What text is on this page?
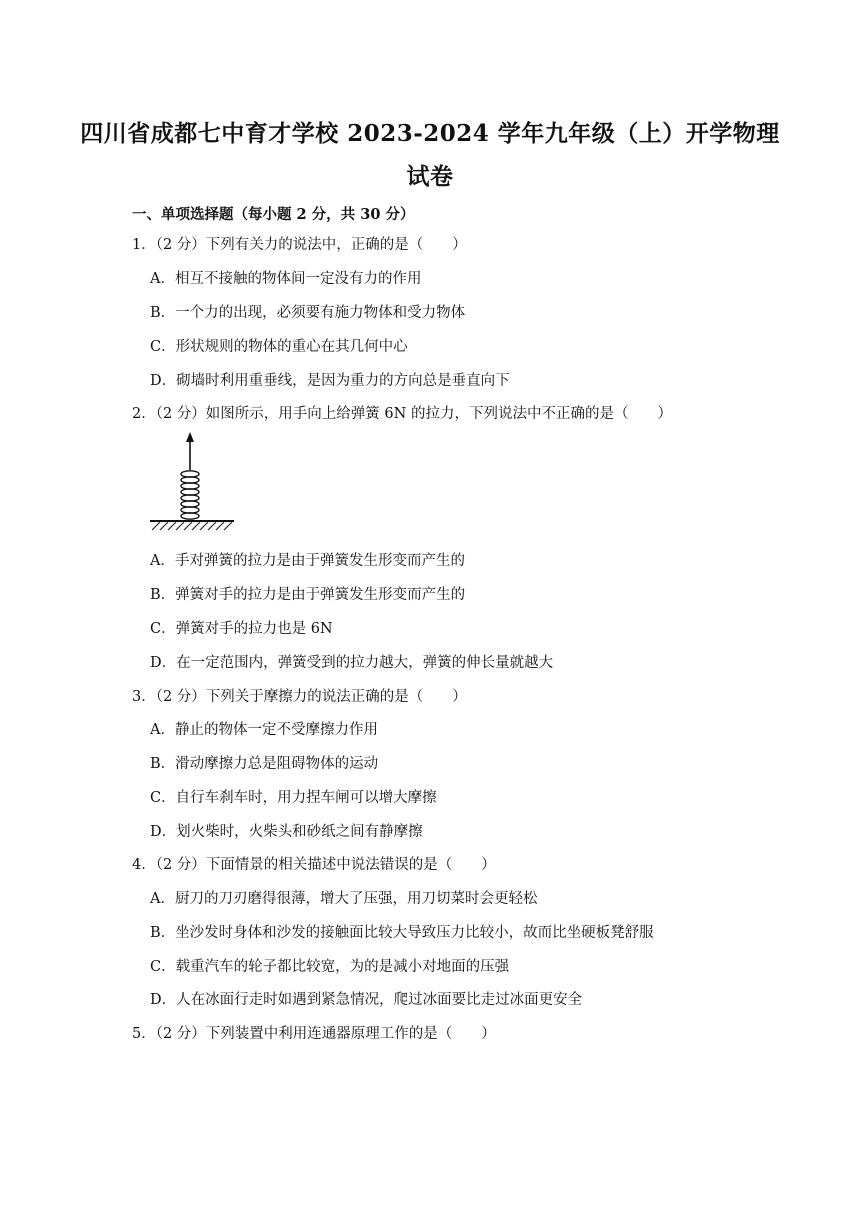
四川省成都七中育才学校 2023-2024 学年九年级（上）开学物理
试卷
一、单项选择题（每小题 2 分，共 30 分）
1．（2 分）下列有关力的说法中，正确的是（　　）
A．相互不接触的物体间一定没有力的作用
B．一个力的出现，必须要有施力物体和受力物体
C．形状规则的物体的重心在其几何中心
D．砌墙时利用重垂线，是因为重力的方向总是垂直向下
2．（2 分）如图所示，用手向上给弹簧 6N 的拉力，下列说法中不正确的是（　　）
A．手对弹簧的拉力是由于弹簧发生形变而产生的
B．弹簧对手的拉力是由于弹簧发生形变而产生的
C．弹簧对手的拉力也是 6N
D．在一定范围内，弹簧受到的拉力越大，弹簧的伸长量就越大
3．（2 分）下列关于摩擦力的说法正确的是（　　）
A．静止的物体一定不受摩擦力作用
B．滑动摩擦力总是阻碍物体的运动
C．自行车刹车时，用力捏车闸可以增大摩擦
D．划火柴时，火柴头和砂纸之间有静摩擦
4．（2 分）下面情景的相关描述中说法错误的是（　　）
A．厨刀的刀刃磨得很薄，增大了压强，用刀切菜时会更轻松
B．坐沙发时身体和沙发的接触面比较大导致压力比较小，故而比坐硬板凳舒服
C．载重汽车的轮子都比较宽，为的是减小对地面的压强
D．人在冰面行走时如遇到紧急情况，爬过冰面要比走过冰面更安全
5．（2 分）下列装置中利用连通器原理工作的是（　　）
